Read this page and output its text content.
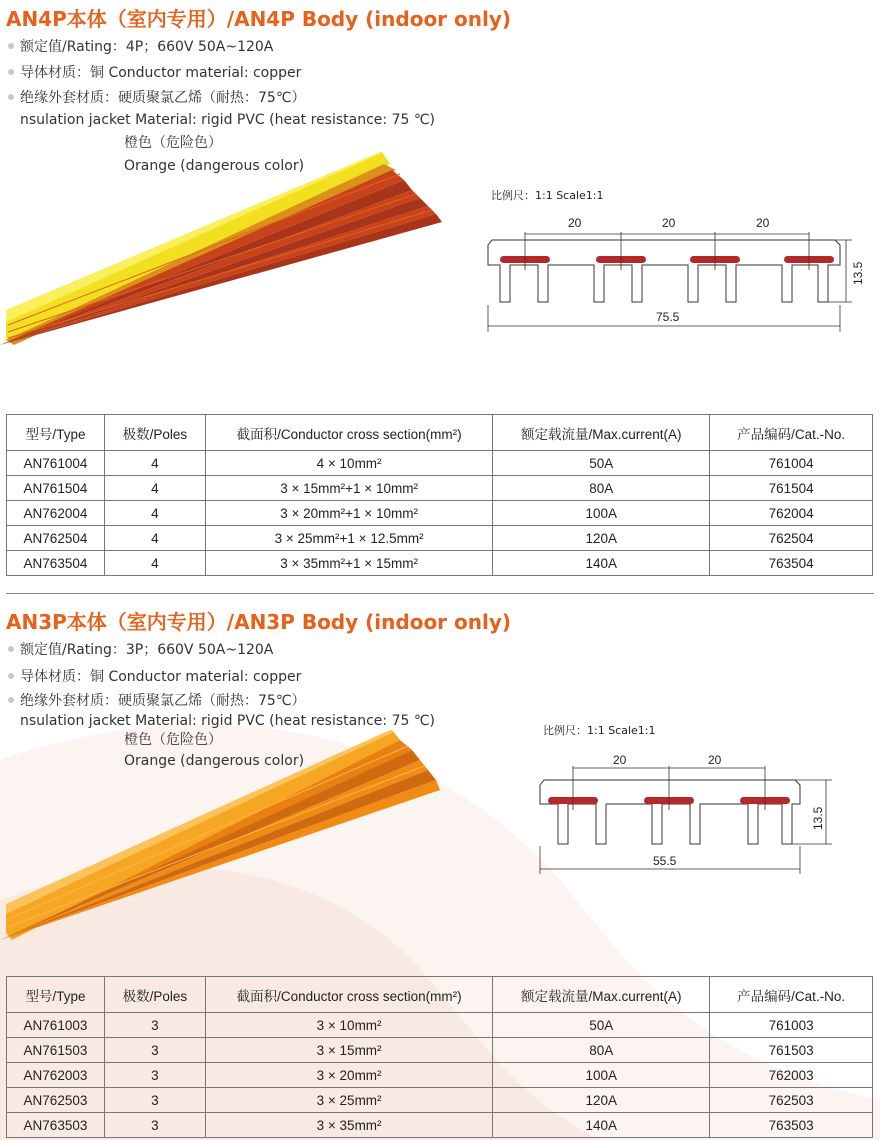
AN4P本体（室内专用）/AN4P Body (indoor only)
额定值/Rating：4P；660V 50A~120A
导体材质：铜 Conductor material: copper
绝缘外套材质：硬质聚氯乙烯（耐热：75℃）
nsulation jacket Material: rigid PVC (heat resistance: 75 ℃)
橙色（危险色）
Orange (dangerous color)
比例尺：1:1 Scale1:1
20	20	20
13.5
75.5
型号/Type	极数/Poles	截面积/Conductor cross section(mm²)	额定载流量/Max.current(A)	产品编码/Cat.-No.
AN761004	4	4 × 10mm²	50A	761004
AN761504	4	3 × 15mm²+1 × 10mm²	80A	761504
AN762004	4	3 × 20mm²+1 × 10mm²	100A	762004
AN762504	4	3 × 25mm²+1 × 12.5mm²	120A	762504
AN763504	4	3 × 35mm²+1 × 15mm²	140A	763504
AN3P本体（室内专用）/AN3P Body (indoor only)
额定值/Rating：3P；660V 50A~120A
导体材质：铜 Conductor material: copper
绝缘外套材质：硬质聚氯乙烯（耐热：75℃）
nsulation jacket Material: rigid PVC (heat resistance: 75 ℃)
橙色（危险色）
Orange (dangerous color)
比例尺：1:1 Scale1:1
20	20
13.5
55.5
型号/Type	极数/Poles	截面积/Conductor cross section(mm²)	额定载流量/Max.current(A)	产品编码/Cat.-No.
AN761003	3	3 × 10mm²	50A	761003
AN761503	3	3 × 15mm²	80A	761503
AN762003	3	3 × 20mm²	100A	762003
AN762503	3	3 × 25mm²	120A	762503
AN763503	3	3 × 35mm²	140A	763503
